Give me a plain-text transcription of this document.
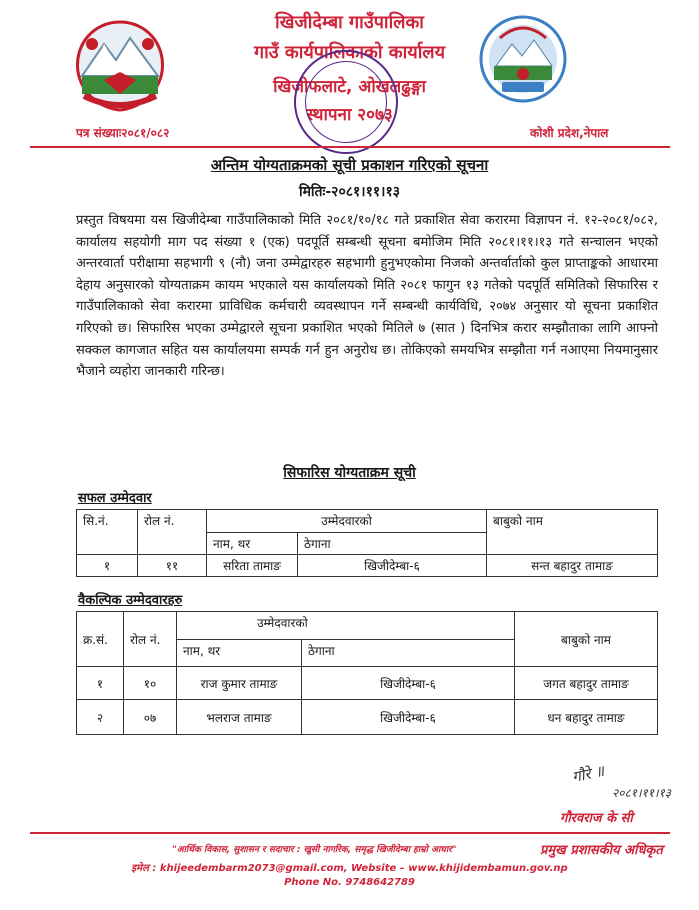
खिजीदेम्बा गाउँपालिका
गाउँ कार्यपालिकाको कार्यालय
खिजीफलाटे, ओखलढुङ्गा
स्थापना २०७३
पत्र संख्याः२०८१/०८२	कोशी प्रदेश,नेपाल
अन्तिम योग्यताक्रमको सूची प्रकाशन गरिएको सूचना
मितिः-२०८१।११।१३
प्रस्तुत विषयमा यस खिजीदेम्बा गाउँपालिकाको मिति २०८१/१०/१८ गते प्रकाशित सेवा करारमा विज्ञापन नं. १२-२०८१/०८२, कार्यालय सहयोगी माग पद संख्या १ (एक) पदपूर्ति सम्बन्धी सूचना बमोजिम मिति २०८१।११।१३ गते सन्चालन भएको अन्तरवार्ता परीक्षामा सहभागी ९ (नौ) जना उम्मेद्वारहरु सहभागी हुनुभएकोमा निजको अन्तर्वार्ताको कुल प्राप्ताङ्कको आधारमा देहाय अनुसारको योग्यताक्रम कायम भएकाले यस कार्यालयको मिति २०८१ फागुन १३ गतेको पदपूर्ति समितिको सिफारिस र गाउँपालिकाको सेवा करारमा प्राविधिक कर्मचारी व्यवस्थापन गर्ने सम्बन्धी कार्यविधि, २०७४ अनुसार यो सूचना प्रकाशित गरिएको छ। सिफारिस भएका उम्मेद्वारले सूचना प्रकाशित भएको मितिले ७ (सात ) दिनभित्र करार सम्झौताका लागि आफ्नो सक्कल कागजात सहित यस कार्यालयमा सम्पर्क गर्न हुन अनुरोध छ। तोकिएको समयभित्र सम्झौता गर्न नआएमा नियमानुसार भैजाने व्यहोरा जानकारी गरिन्छ।
सिफारिस योग्यताक्रम सूची
सफल उम्मेदवार
सि.नं.	रोल नं.	उम्मेदवारको		बाबुको नाम
		नाम, थर	ठेगाना	
१	११	सरिता तामाङ	खिजीदेम्बा-६	सन्त बहादुर तामाङ
वैकल्पिक उम्मेदवारहरु
क्र.सं.	रोल नं.	उम्मेदवारको		बाबुको नाम
		नाम, थर	ठेगाना	
१	१०	राज कुमार तामाङ	खिजीदेम्बा-६	जगत बहादुर तामाङ
२	०७	भलराज तामाङ	खिजीदेम्बा-६	धन बहादुर तामाङ
गौरे ॥
२०८१।११।१३
गौरवराज के सी
प्रमुख प्रशासकीय अधिकृत
"आर्थिक विकास, सुशासन र सदाचार : खुसी नागरिक, समृद्ध खिजीदेम्बा हाम्रो आधार"
इमेल : khijeedembarm2073@gmail.com, Website – www.khijidembamun.gov.np
Phone No. 9748642789
